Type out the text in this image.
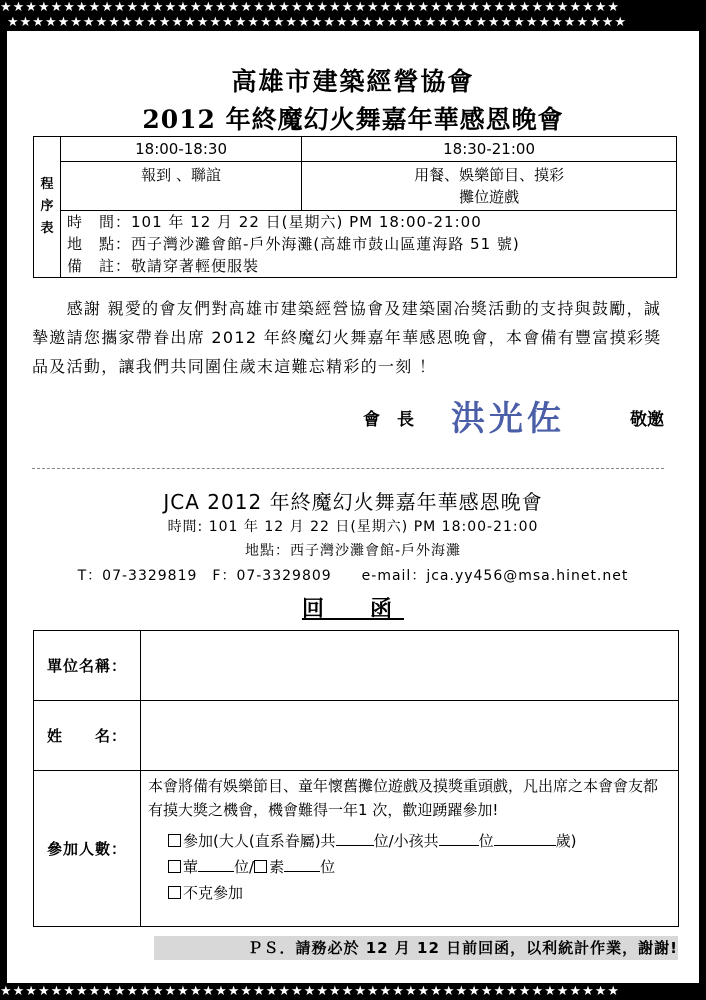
★★★★★★★★★★★★★★★★★★★★★★★★★★★★★★★★★★★★★★★★★★★★★★★★★
★★★★★★★★★★★★★★★★★★★★★★★★★★★★★★★★★★★★★★★★★★★★★★★★★
高雄市建築經營協會
2012 年終魔幻火舞嘉年華感恩晚會
程
序
表	18:00-18:30	18:30-21:00
	報到 、聯誼	用餐、娛樂節目、摸彩
攤位遊戲
	時　間：101 年 12 月 22 日(星期六) PM 18:00-21:00	
	地　點：西子灣沙灘會館-戶外海灘(高雄市鼓山區蓮海路 51 號)	
	備　註：敬請穿著輕便服裝	
　　感謝 親愛的會友們對高雄市建築經營協會及建築園冶獎活動的支持與鼓勵，誠摯邀請您攜家帶眷出席 2012 年終魔幻火舞嘉年華感恩晚會，本會備有豐富摸彩獎品及活動，讓我們共同圍住歲末這難忘精彩的一刻 ！
會　長 洪光佐	敬邀
JCA 2012 年終魔幻火舞嘉年華感恩晚會
時間: 101 年 12 月 22 日(星期六) PM 18:00-21:00
地點：西子灣沙灘會館-戶外海灘
T：07-3329819　F：07-3329809　　e-mail：jca.yy456@msa.hinet.net
回　函
單位名稱：	
姓　　名：	
參加人數：	本會將備有娛樂節目、童年懷舊攤位遊戲及摸獎重頭戲，凡出席之本會會友都有摸大獎之機會，機會難得一年1 次，歡迎踴躍參加!
參加(大人(直系眷屬)共 位/小孩共 位 歲)
葷 位/ 素 位
不克參加
ＰＳ．請務必於 12 月 12 日前回函，以利統計作業，謝謝!
★★★★★★★★★★★★★★★★★★★★★★★★★★★★★★★★★★★★★★★★★★★★★★★★★
